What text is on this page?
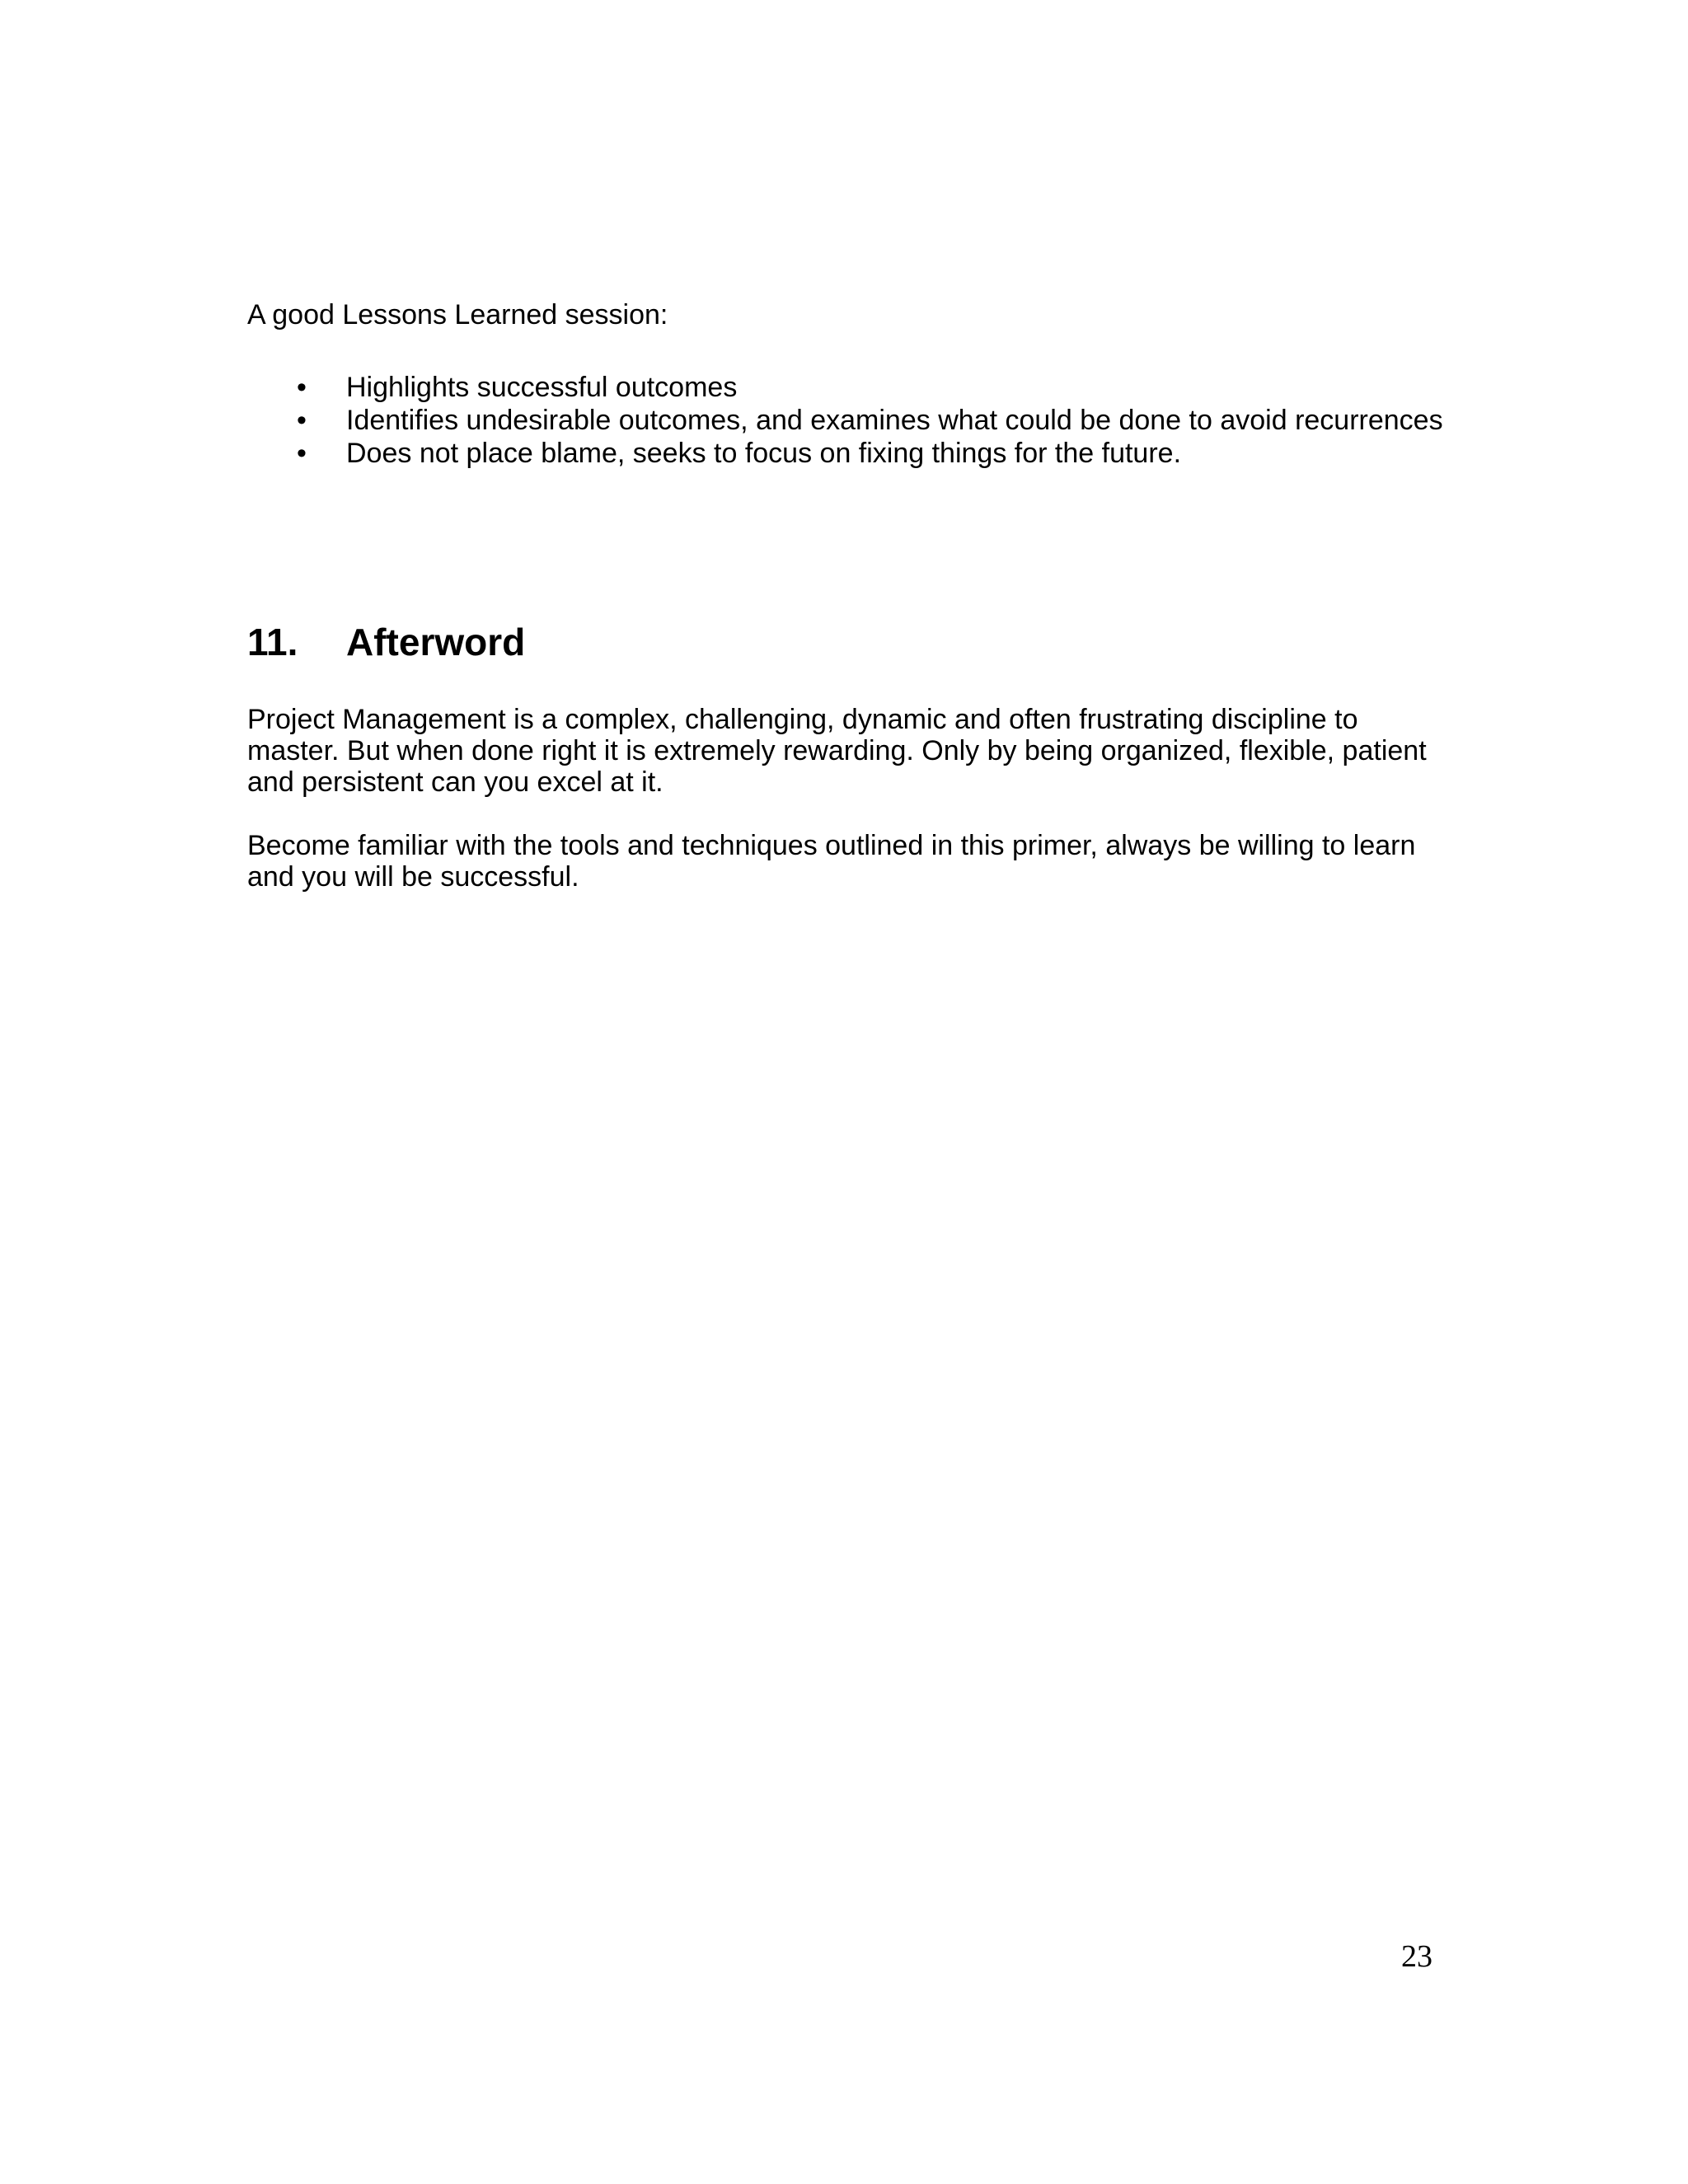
A good Lessons Learned session:

• Highlights successful outcomes
• Identifies undesirable outcomes, and examines what could be done to avoid recurrences
• Does not place blame, seeks to focus on fixing things for the future.
11. Afterword

Project Management is a complex, challenging, dynamic and often frustrating discipline to master. But when done right it is extremely rewarding. Only by being organized, flexible, patient and persistent can you excel at it.

Become familiar with the tools and techniques outlined in this primer, always be willing to learn and you will be successful.

23
